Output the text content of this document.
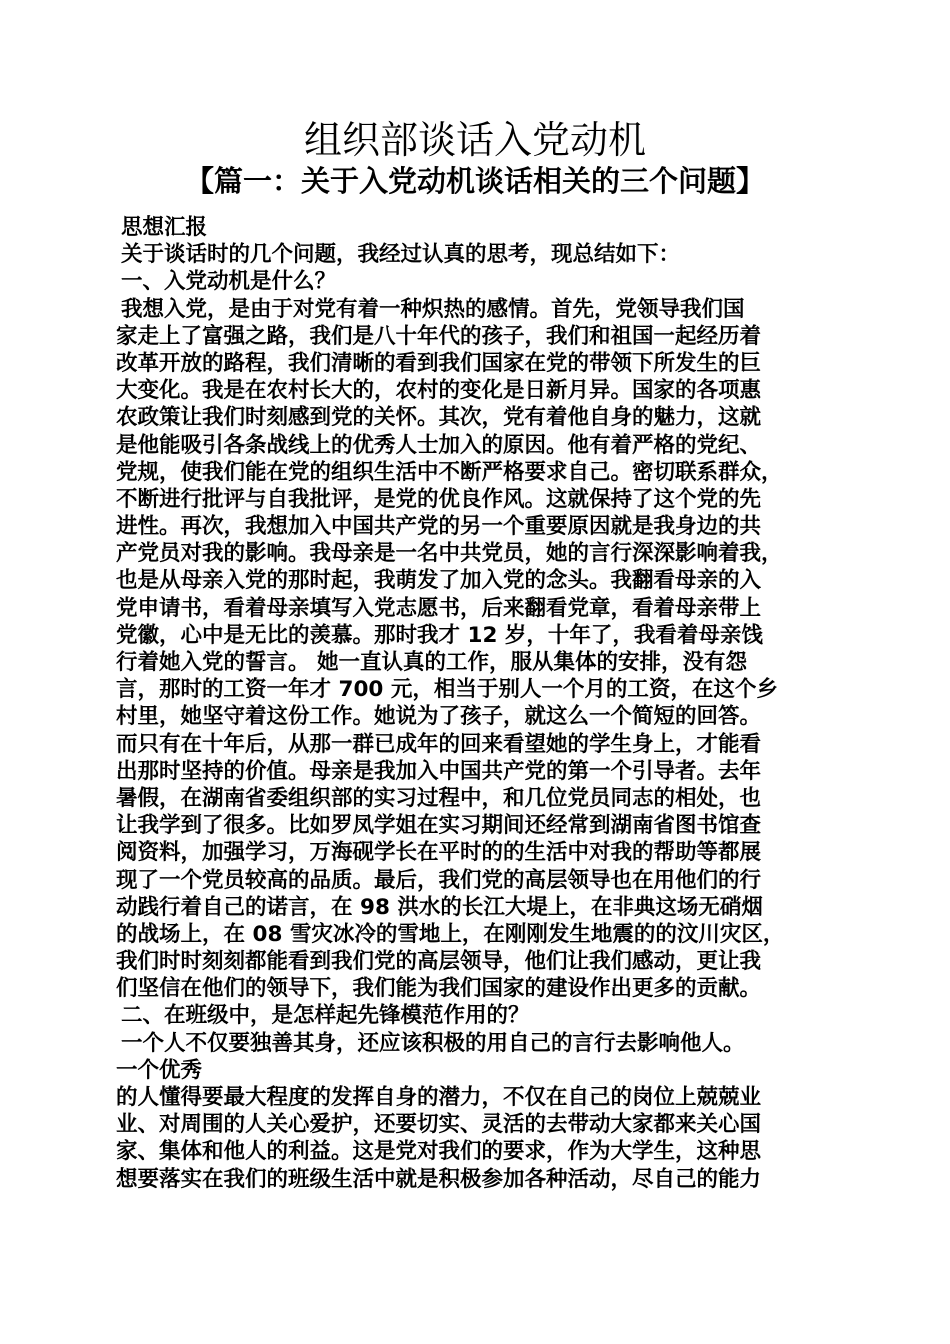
组织部谈话入党动机
【篇一：关于入党动机谈话相关的三个问题】
思想汇报
关于谈话时的几个问题，我经过认真的思考，现总结如下：
一、入党动机是什么？
我想入党，是由于对党有着一种炽热的感情。首先，党领导我们国
家走上了富强之路，我们是八十年代的孩子，我们和祖国一起经历着
改革开放的路程，我们清晰的看到我们国家在党的带领下所发生的巨
大变化。我是在农村长大的，农村的变化是日新月异。国家的各项惠
农政策让我们时刻感到党的关怀。其次，党有着他自身的魅力，这就
是他能吸引各条战线上的优秀人士加入的原因。他有着严格的党纪、
党规，使我们能在党的组织生活中不断严格要求自己。密切联系群众，
不断进行批评与自我批评，是党的优良作风。这就保持了这个党的先
进性。再次，我想加入中国共产党的另一个重要原因就是我身边的共
产党员对我的影响。我母亲是一名中共党员，她的言行深深影响着我，
也是从母亲入党的那时起，我萌发了加入党的念头。我翻看母亲的入
党申请书，看着母亲填写入党志愿书，后来翻看党章，看着母亲带上
党徽，心中是无比的羡慕。那时我才 12 岁，十年了，我看着母亲饯
行着她入党的誓言。 她一直认真的工作，服从集体的安排，没有怨
言，那时的工资一年才 700 元，相当于别人一个月的工资，在这个乡
村里，她坚守着这份工作。她说为了孩子，就这么一个简短的回答。
而只有在十年后，从那一群已成年的回来看望她的学生身上，才能看
出那时坚持的价值。母亲是我加入中国共产党的第一个引导者。去年
暑假，在湖南省委组织部的实习过程中，和几位党员同志的相处，也
让我学到了很多。比如罗凤学姐在实习期间还经常到湖南省图书馆查
阅资料，加强学习，万海砚学长在平时的的生活中对我的帮助等都展
现了一个党员较高的品质。最后，我们党的高层领导也在用他们的行
动践行着自己的诺言，在 98 洪水的长江大堤上，在非典这场无硝烟
的战场上，在 08 雪灾冰冷的雪地上，在刚刚发生地震的的汶川灾区，
我们时时刻刻都能看到我们党的高层领导，他们让我们感动，更让我
们坚信在他们的领导下，我们能为我们国家的建设作出更多的贡献。
二、在班级中，是怎样起先锋模范作用的？
一个人不仅要独善其身，还应该积极的用自己的言行去影响他人。
一个优秀
的人懂得要最大程度的发挥自身的潜力，不仅在自己的岗位上兢兢业
业、对周围的人关心爱护，还要切实、灵活的去带动大家都来关心国
家、集体和他人的利益。这是党对我们的要求，作为大学生，这种思
想要落实在我们的班级生活中就是积极参加各种活动，尽自己的能力
